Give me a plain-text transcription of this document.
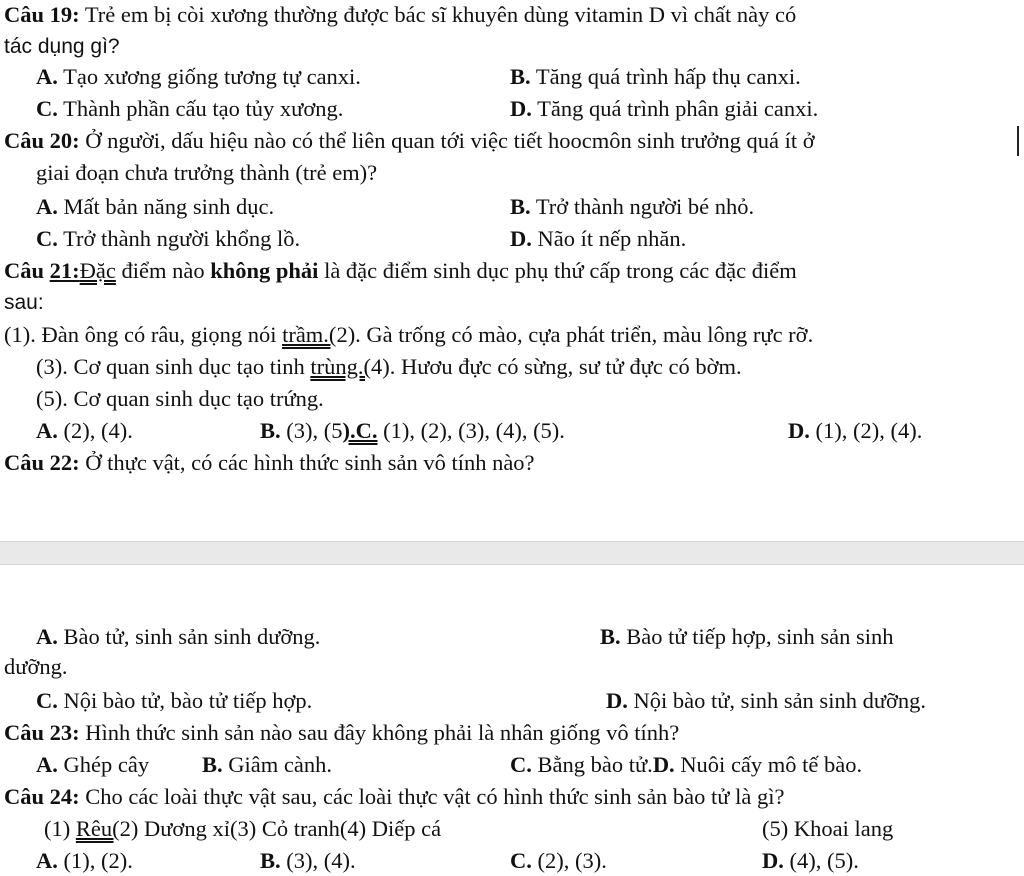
Câu 19: Trẻ em bị còi xương thường được bác sĩ khuyên dùng vitamin D vì chất này có
tác dụng gì?
A. Tạo xương giống tương tự canxi.	B. Tăng quá trình hấp thụ canxi.
C. Thành phần cấu tạo tủy xương.	D. Tăng quá trình phân giải canxi.
Câu 20: Ở người, dấu hiệu nào có thể liên quan tới việc tiết hoocmôn sinh trưởng quá ít ở
giai đoạn chưa trưởng thành (trẻ em)?
A. Mất bản năng sinh dục.	B. Trở thành người bé nhỏ.
C. Trở thành người khổng lồ.	D. Não ít nếp nhăn.
Câu 21:Đặc điểm nào không phải là đặc điểm sinh dục phụ thứ cấp trong các đặc điểm
sau:
(1). Đàn ông có râu, giọng nói trầm.(2). Gà trống có mào, cựa phát triển, màu lông rực rỡ.
(3). Cơ quan sinh dục tạo tinh trùng.(4). Hươu đực có sừng, sư tử đực có bờm.
(5). Cơ quan sinh dục tạo trứng.
A. (2), (4).	B. (3), (5).C. (1), (2), (3), (4), (5).	D. (1), (2), (4).
Câu 22: Ở thực vật, có các hình thức sinh sản vô tính nào?
A. Bào tử, sinh sản sinh dưỡng.	B. Bào tử tiếp hợp, sinh sản sinh
dưỡng.
C. Nội bào tử, bào tử tiếp hợp.	D. Nội bào tử, sinh sản sinh dưỡng.
Câu 23: Hình thức sinh sản nào sau đây không phải là nhân giống vô tính?
A. Ghép cây B. Giâm cành.	C. Bằng bào tử.D. Nuôi cấy mô tế bào.
Câu 24: Cho các loài thực vật sau, các loài thực vật có hình thức sinh sản bào tử là gì?
(1) Rêu(2) Dương xỉ(3) Cỏ tranh(4) Diếp cá	(5) Khoai lang
A. (1), (2).	B. (3), (4).	C. (2), (3).	D. (4), (5).
